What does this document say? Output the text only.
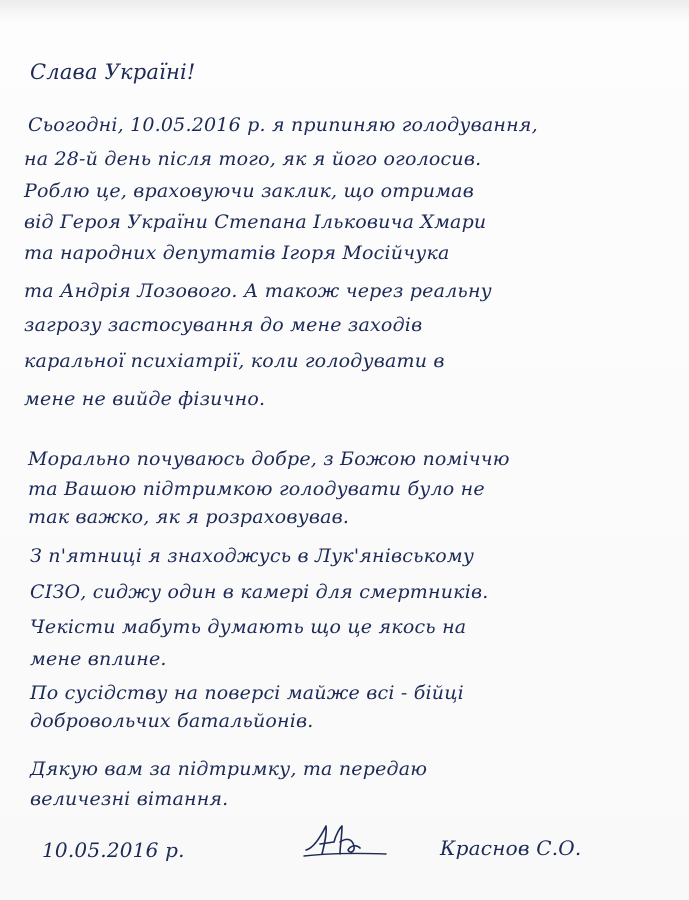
Слава Україні!
Сьогодні, 10.05.2016 р. я припиняю голодування,
на 28-й день після того, як я його оголосив.
Роблю це, враховуючи заклик, що отримав
від Героя України Степана Ільковича Хмари
та народних депутатів Ігоря Мосійчука
та Андрія Лозового. А також через реальну
загрозу застосування до мене заходів
каральної психіатрії, коли голодувати в
мене не вийде фізично.
Морально почуваюсь добре, з Божою поміччю
та Вашою підтримкою голодувати було не
так важко, як я розраховував.
З п'ятниці я знаходжусь в Лук'янівському
СІЗО, сиджу один в камері для смертників.
Чекісти мабуть думають що це якось на
мене вплине.
По сусідству на поверсі майже всі - бійці
добровольчих батальйонів.
Дякую вам за підтримку, та передаю
величезні вітання.
10.05.2016 р.	Краснов С.О.
